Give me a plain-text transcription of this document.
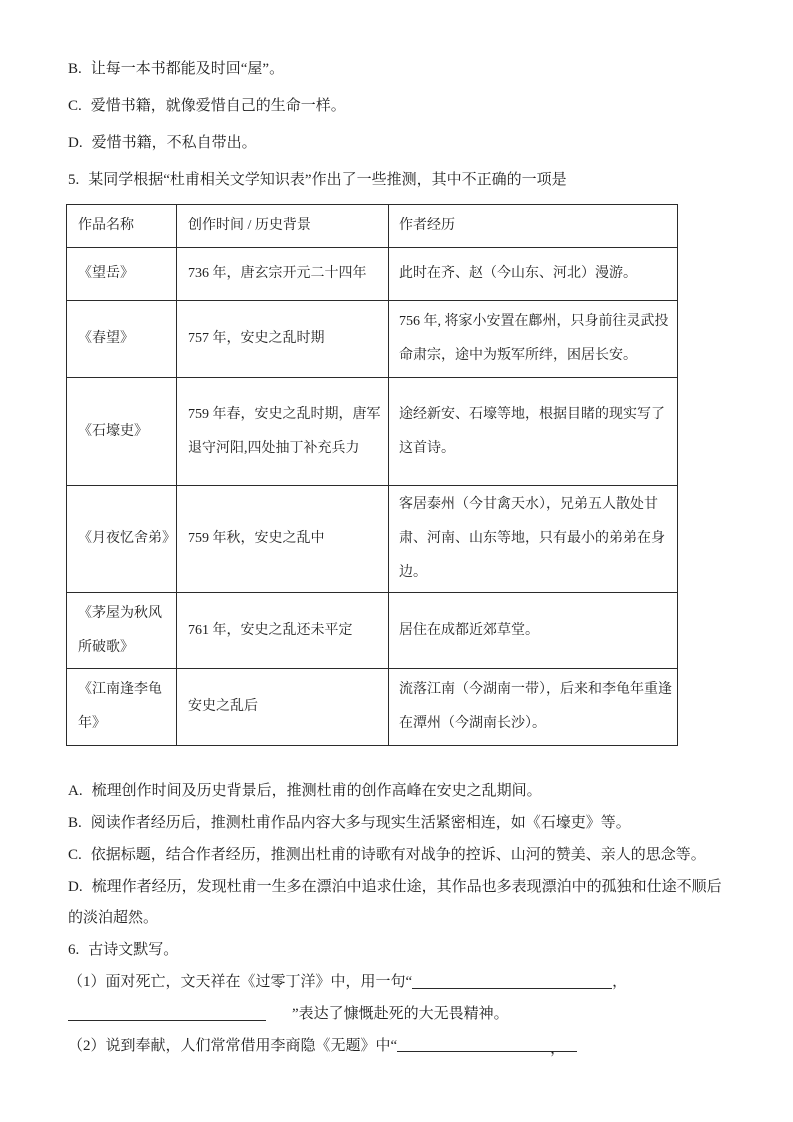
B. 让每一本书都能及时回“屋”。

C. 爱惜书籍，就像爱惜自己的生命一样。

D. 爱惜书籍，不私自带出。

5. 某同学根据“杜甫相关文学知识表”作出了一些推测，其中不正确的一项是

作品名称	创作时间 / 历史背景	作者经历
《望岳》	736 年，唐玄宗开元二十四年	此时在齐、赵（今山东、河北）漫游。
《春望》	757 年，安史之乱时期	756 年, 将家小安置在鄜州，只身前往灵武投命肃宗，途中为叛军所绊，困居长安。
《石壕吏》	759 年春，安史之乱时期，唐军退守河阳,四处抽丁补充兵力	途经新安、石壕等地，根据目睹的现实写了这首诗。
《月夜忆舍弟》	759 年秋，安史之乱中	客居泰州（今甘禽天水），兄弟五人散处甘肃、河南、山东等地，只有最小的弟弟在身边。
《茅屋为秋风所破歌》	761 年，安史之乱还未平定	居住在成都近郊草堂。
《江南逢李龟年》	安史之乱后	流落江南（今湖南一带），后来和李龟年重逢在潭州（今湖南长沙）。

A. 梳理创作时间及历史背景后，推测杜甫的创作高峰在安史之乱期间。

B. 阅读作者经历后，推测杜甫作品内容大多与现实生活紧密相连，如《石壕吏》等。

C. 依据标题，结合作者经历，推测出杜甫的诗歌有对战争的控诉、山河的赞美、亲人的思念等。

D. 梳理作者经历，发现杜甫一生多在漂泊中追求仕途，其作品也多表现漂泊中的孤独和仕途不顺后的淡泊超然。

6. 古诗文默写。

（1）面对死亡，文天祥在《过零丁洋》中，用一句“	，

”表达了慷慨赴死的大无畏精神。

（2）说到奉献，人们常常借用李商隐《无题》中“	，
